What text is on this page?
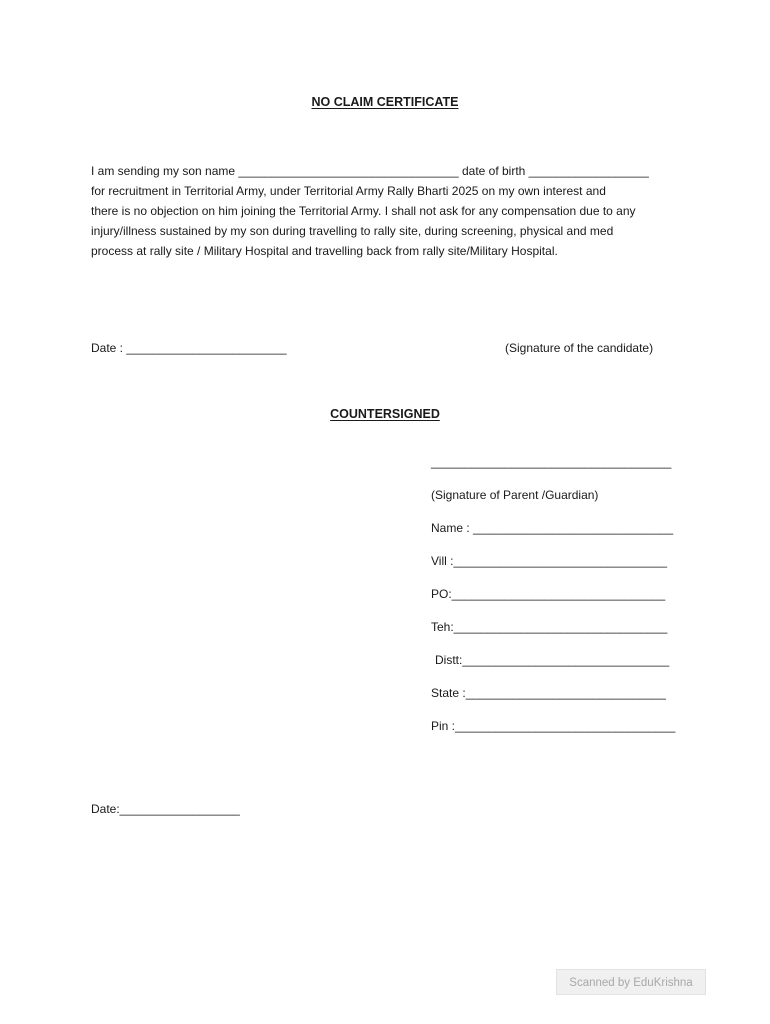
NO CLAIM CERTIFICATE
I am sending my son name _________________________________ date of birth __________________
for recruitment in Territorial Army, under Territorial Army Rally Bharti 2025 on my own interest and
there is no objection on him joining the Territorial Army. I shall not ask for any compensation due to any
injury/illness sustained by my son during travelling to rally site, during screening, physical and med
process at rally site / Military Hospital and travelling back from rally site/Military Hospital.
Date : ________________________	(Signature of the candidate)
COUNTERSIGNED
____________________________________
(Signature of Parent /Guardian)
Name : ______________________________
Vill :________________________________
PO:________________________________
Teh:________________________________
Distt:_______________________________
State :______________________________
Pin :_________________________________
Date:__________________
Scanned by EduKrishna
